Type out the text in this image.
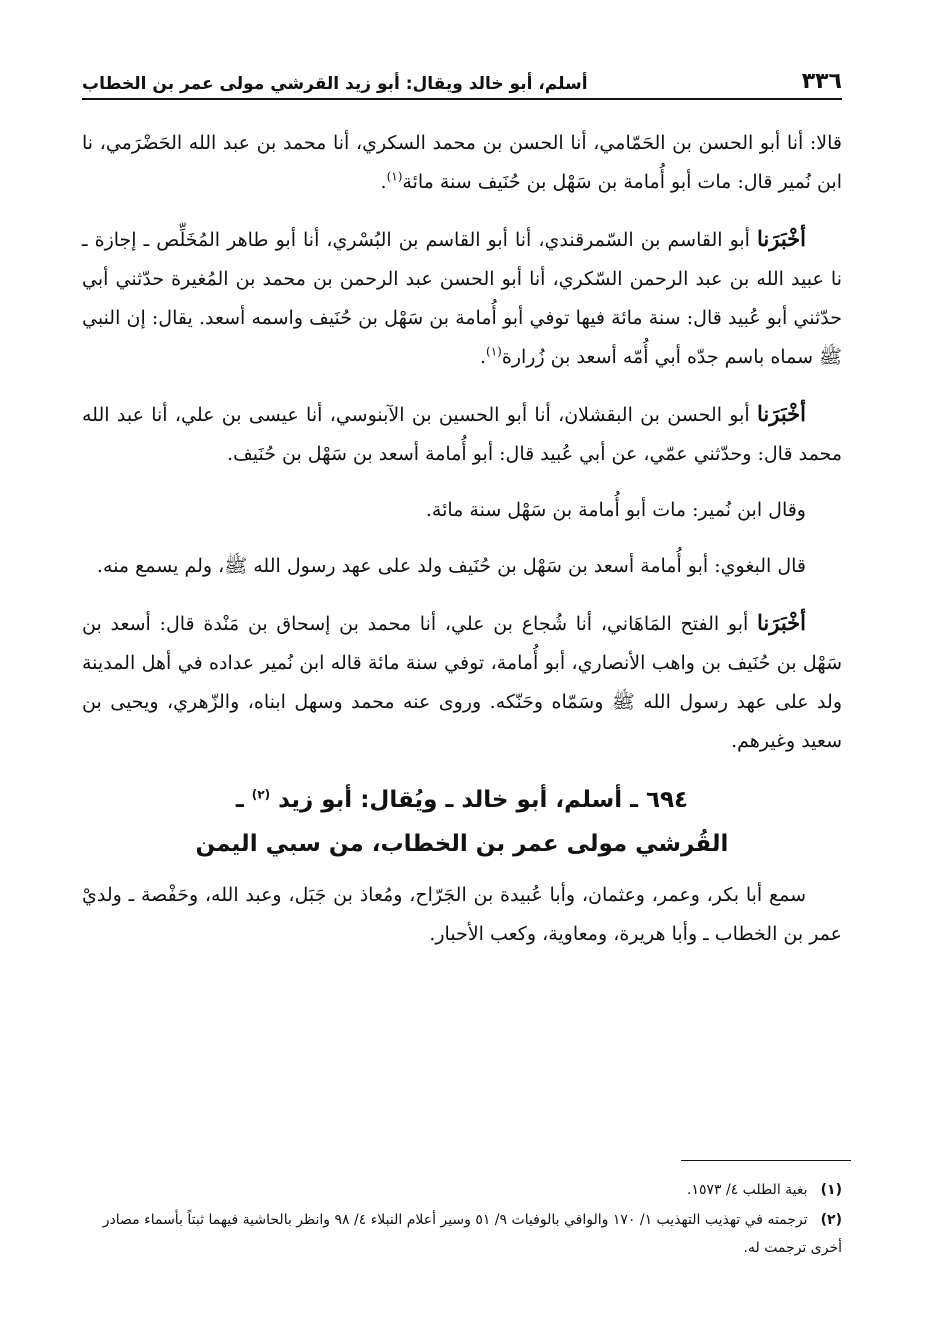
٣٣٦
أسلم، أبو خالد ويقال: أبو زيد القرشي مولى عمر بن الخطاب

قالا: أنا أبو الحسن بن الحَمّامي، أنا الحسن بن محمد السكري، أنا محمد بن عبد الله الحَضْرَمي، نا ابن نُمير قال: مات أبو أُمامة بن سَهْل بن حُنَيف سنة مائة$^{(١)}$.

أخْبَرَنا أبو القاسم بن السّمرقندي، أنا أبو القاسم بن البُسْري، أنا أبو طاهر المُخَلِّص ـ إجازة ـ نا عبيد الله بن عبد الرحمن السّكري، أنا أبو الحسن عبد الرحمن بن محمد بن المُغيرة حدّثني أبي حدّثني أبو عُبيد قال: سنة مائة فيها توفي أبو أُمامة بن سَهْل بن حُنَيف واسمه أسعد. يقال: إن النبي ﷺ سماه باسم جدّه أبي أُمّه أسعد بن زُرارة$^{(١)}$.

أخْبَرَنا أبو الحسن بن البقشلان، أنا أبو الحسين بن الآبنوسي، أنا عيسى بن علي، أنا عبد الله محمد قال: وحدّثني عمّي، عن أبي عُبيد قال: أبو أُمامة أسعد بن سَهْل بن حُنَيف.

وقال ابن نُمير: مات أبو أُمامة بن سَهْل سنة مائة.

قال البغوي: أبو أُمامة أسعد بن سَهْل بن حُنَيف ولد على عهد رسول الله ﷺ، ولم يسمع منه.

أخْبَرَنا أبو الفتح المَاهَاني، أنا شُجاع بن علي، أنا محمد بن إسحاق بن مَنْدة قال: أسعد بن سَهْل بن حُنَيف بن واهب الأنصاري، أبو أُمامة، توفي سنة مائة قاله ابن نُمير عداده في أهل المدينة ولد على عهد رسول الله ﷺ وسَمّاه وحَنّكه. وروى عنه محمد وسهل ابناه، والزّهري، ويحيى بن سعيد وغيرهم.

٦٩٤ ـ أسلم، أبو خالد ـ ويُقال: أبو زيد $^{(٢)}$ ـ
القُرشي مولى عمر بن الخطاب، من سبي اليمن

سمع أبا بكر، وعمر، وعثمان، وأبا عُبيدة بن الجَرّاح، ومُعاذ بن جَبَل، وعبد الله، وحَفْصة ـ ولديْ عمر بن الخطاب ـ وأبا هريرة، ومعاوية، وكعب الأحبار.

(١) بغية الطلب ٤/ ١٥٧٣.

(٢) ترجمته في تهذيب التهذيب ١/ ١٧٠ والوافي بالوفيات ٩/ ٥١ وسير أعلام النبلاء ٤/ ٩٨ وانظر بالحاشية فيهما ثبتاً بأسماء مصادر أخرى ترجمت له.
